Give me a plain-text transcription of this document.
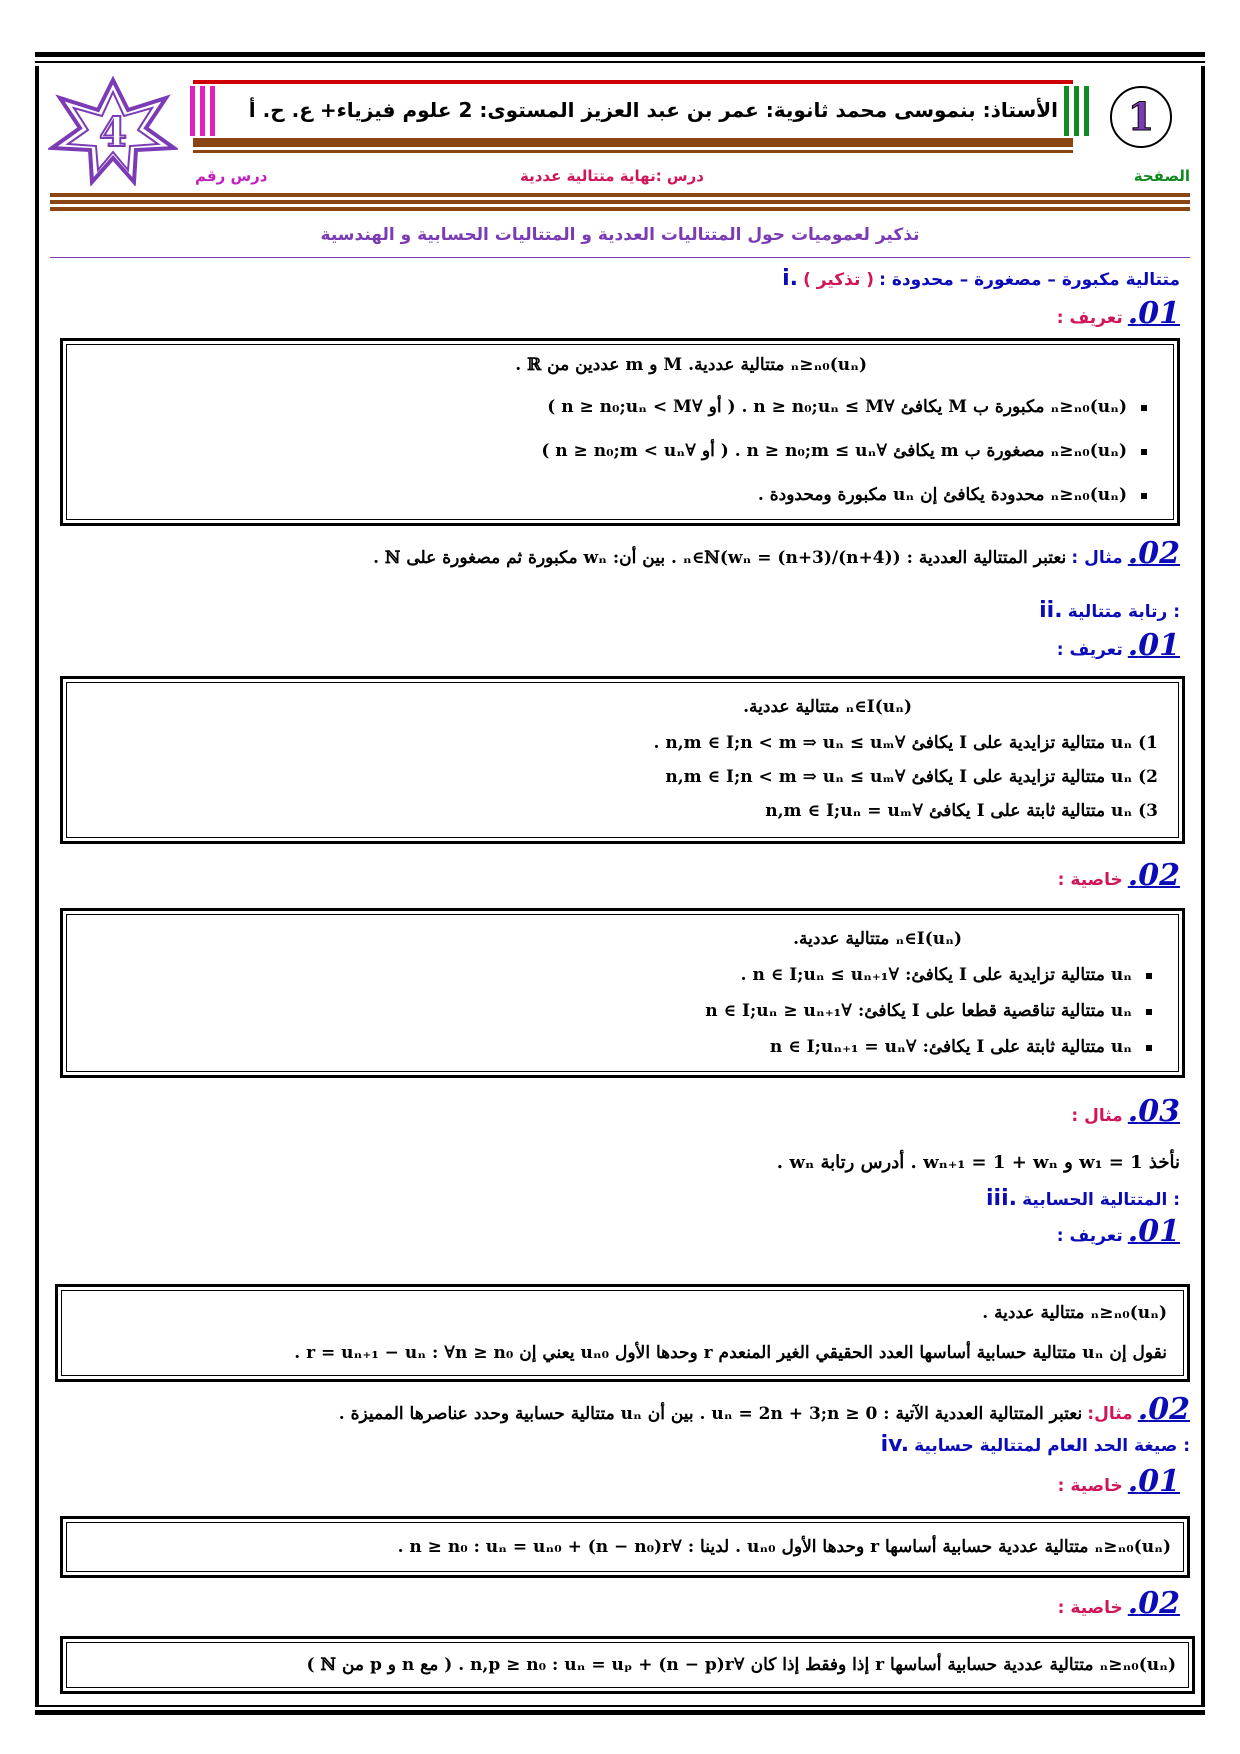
4	1
الأستاذ: بنموسى محمد ثانوية: عمر بن عبد العزيز المستوى: 2 علوم فيزياء+ ع. ح. أ
الصفحة
درس :نهاية متتالية عددية
درس رقم
تذكير لعموميات حول المتتاليات العددية و المتتاليات الحسابية و الهندسية
i.	متتالية مكبورة – مصغورة – محدودة : ( تذكير )
01. تعريف :
(uₙ)ₙ≥ₙ₀ متتالية عددية. M و m عددين من ℝ .
(uₙ)ₙ≥ₙ₀ مكبورة ب M يكافئ ∀n ≥ n₀;uₙ ≤ M . ( أو ∀n ≥ n₀;uₙ < M )
(uₙ)ₙ≥ₙ₀ مصغورة ب m يكافئ ∀n ≥ n₀;m ≤ uₙ . ( أو ∀n ≥ n₀;m < uₙ )
(uₙ)ₙ≥ₙ₀ محدودة يكافئ إن uₙ مكبورة ومحدودة .
02. مثال : نعتبر المتتالية العددية : (wₙ = (n+3)/(n+4))ₙ∈ℕ . بين أن: wₙ مكبورة ثم مصغورة على ℕ .
ii. رتابة متتالية :
01. تعريف :
(uₙ)ₙ∈I متتالية عددية.
1) uₙ متتالية تزايدية على I يكافئ ∀n,m ∈ I;n < m ⇒ uₙ ≤ uₘ .
2) uₙ متتالية تزايدية على I يكافئ ∀n,m ∈ I;n < m ⇒ uₙ ≤ uₘ
3) uₙ متتالية ثابتة على I يكافئ ∀n,m ∈ I;uₙ = uₘ
02. خاصية :
(uₙ)ₙ∈I متتالية عددية.
uₙ متتالية تزايدية على I يكافئ: ∀n ∈ I;uₙ ≤ uₙ₊₁ .
uₙ متتالية تناقصية قطعا على I يكافئ: ∀n ∈ I;uₙ ≥ uₙ₊₁
uₙ متتالية ثابتة على I يكافئ: ∀n ∈ I;uₙ₊₁ = uₙ
03. مثال :
نأخذ w₁ = 1 و wₙ₊₁ = 1 + wₙ . أدرس رتابة wₙ .
iii. المتتالية الحسابية :
01. تعريف :
(uₙ)ₙ≥ₙ₀ متتالية عددية .
نقول إن uₙ متتالية حسابية أساسها العدد الحقيقي الغير المنعدم r وحدها الأول uₙ₀ يعني إن r = uₙ₊₁ − uₙ : ∀n ≥ n₀ .
02. مثال: نعتبر المتتالية العددية الآتية : uₙ = 2n + 3;n ≥ 0 . بين أن uₙ متتالية حسابية وحدد عناصرها المميزة .
iv. صيغة الحد العام لمتتالية حسابية :
01. خاصية :
(uₙ)ₙ≥ₙ₀ متتالية عددية حسابية أساسها r وحدها الأول uₙ₀ . لدينا : ∀n ≥ n₀ : uₙ = uₙ₀ + (n − n₀)r .
02. خاصية :
(uₙ)ₙ≥ₙ₀ متتالية عددية حسابية أساسها r إذا وفقط إذا كان ∀n,p ≥ n₀ : uₙ = uₚ + (n − p)r . ( مع n و p من ℕ )
